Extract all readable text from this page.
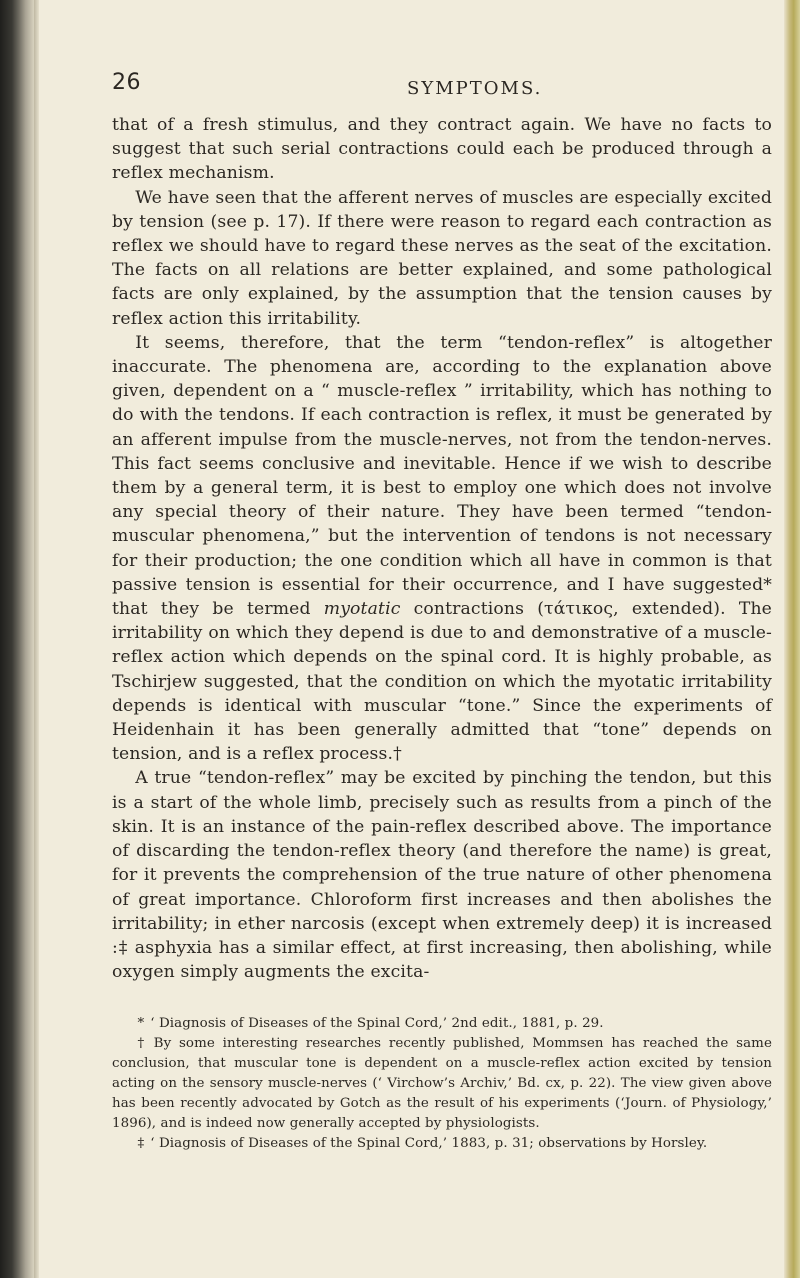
26	SYMPTOMS.

that of a fresh stimulus, and they contract again. We have no facts to suggest that such serial contractions could each be produced through a reflex mechanism.

We have seen that the afferent nerves of muscles are especially excited by tension (see p. 17). If there were reason to regard each contraction as reflex we should have to regard these nerves as the seat of the excitation. The facts on all relations are better explained, and some pathological facts are only explained, by the assumption that the tension causes by reflex action this irritability.

It seems, therefore, that the term “tendon-reflex” is altogether inaccurate. The phenomena are, according to the explanation above given, dependent on a “ muscle-reflex ” irritability, which has nothing to do with the tendons. If each contraction is reflex, it must be generated by an afferent impulse from the muscle-nerves, not from the tendon-nerves. This fact seems conclusive and inevitable. Hence if we wish to describe them by a general term, it is best to employ one which does not involve any special theory of their nature. They have been termed “tendon-muscular phenomena,” but the intervention of tendons is not necessary for their production; the one condition which all have in common is that passive tension is essential for their occurrence, and I have suggested* that they be termed myotatic contractions (τάτικος, extended). The irritability on which they depend is due to and demonstrative of a muscle-reflex action which depends on the spinal cord. It is highly probable, as Tschirjew suggested, that the condition on which the myotatic irritability depends is identical with muscular “tone.” Since the experiments of Heidenhain it has been generally admitted that “tone” depends on tension, and is a reflex process.†

A true “tendon-reflex” may be excited by pinching the tendon, but this is a start of the whole limb, precisely such as results from a pinch of the skin. It is an instance of the pain-reflex described above. The importance of discarding the tendon-reflex theory (and therefore the name) is great, for it prevents the comprehension of the true nature of other phenomena of great importance. Chloroform first increases and then abolishes the irritability; in ether narcosis (except when extremely deep) it is increased :‡ asphyxia has a similar effect, at first increasing, then abolishing, while oxygen simply augments the excita-

* ‘ Diagnosis of Diseases of the Spinal Cord,’ 2nd edit., 1881, p. 29.

† By some interesting researches recently published, Mommsen has reached the same conclusion, that muscular tone is dependent on a muscle-reflex action excited by tension acting on the sensory muscle-nerves (‘ Virchow’s Archiv,’ Bd. cx, p. 22). The view given above has been recently advocated by Gotch as the result of his experiments (‘Journ. of Physiology,’ 1896), and is indeed now generally accepted by physiologists.

‡ ‘ Diagnosis of Diseases of the Spinal Cord,’ 1883, p. 31; observations by Horsley.
